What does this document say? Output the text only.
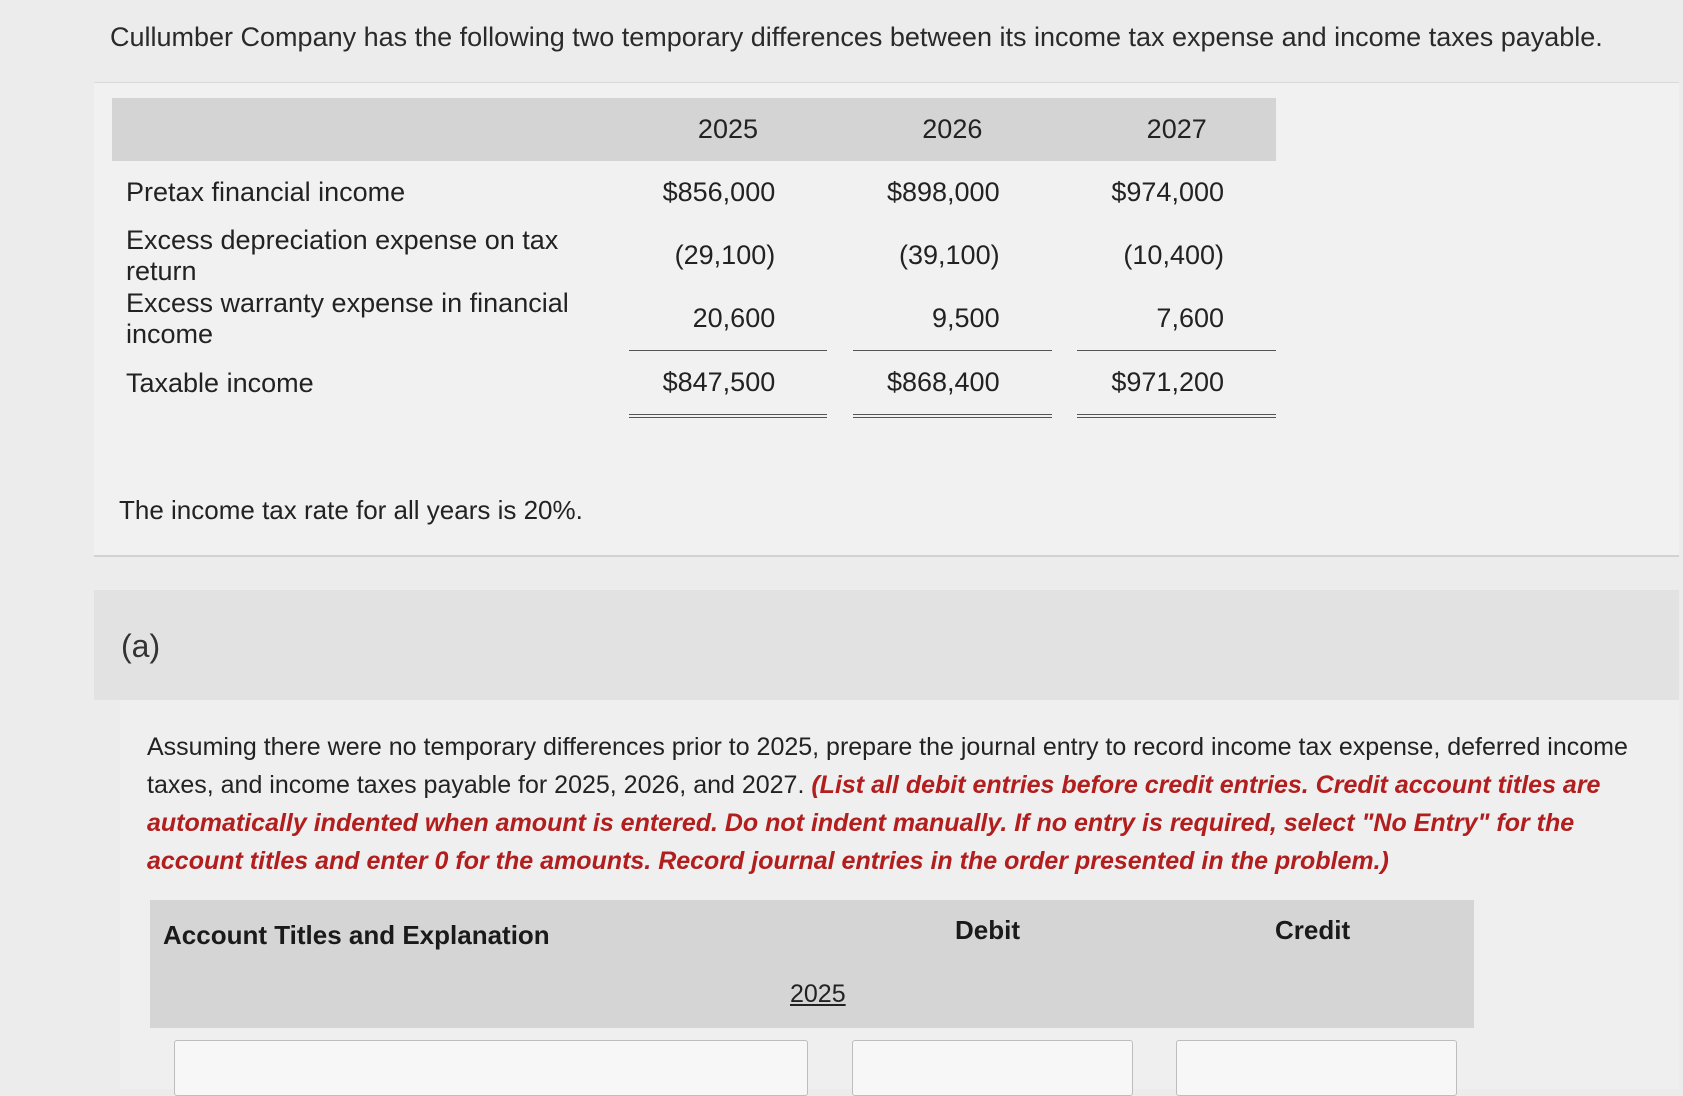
Cullumber Company has the following two temporary differences between its income tax expense and income taxes payable.
	2025		2026		2027
Pretax financial income	$856,000		$898,000		$974,000
Excess depreciation expense on tax return	(29,100)		(39,100)		(10,400)
Excess warranty expense in financial income	20,600		9,500		7,600
Taxable income	$847,500		$868,400		$971,200
The income tax rate for all years is 20%.
(a)
Assuming there were no temporary differences prior to 2025, prepare the journal entry to record income tax expense, deferred income taxes, and income taxes payable for 2025, 2026, and 2027. (List all debit entries before credit entries. Credit account titles are automatically indented when amount is entered. Do not indent manually. If no entry is required, select "No Entry" for the account titles and enter 0 for the amounts. Record journal entries in the order presented in the problem.)
Account Titles and Explanation	Debit	Credit
2025
